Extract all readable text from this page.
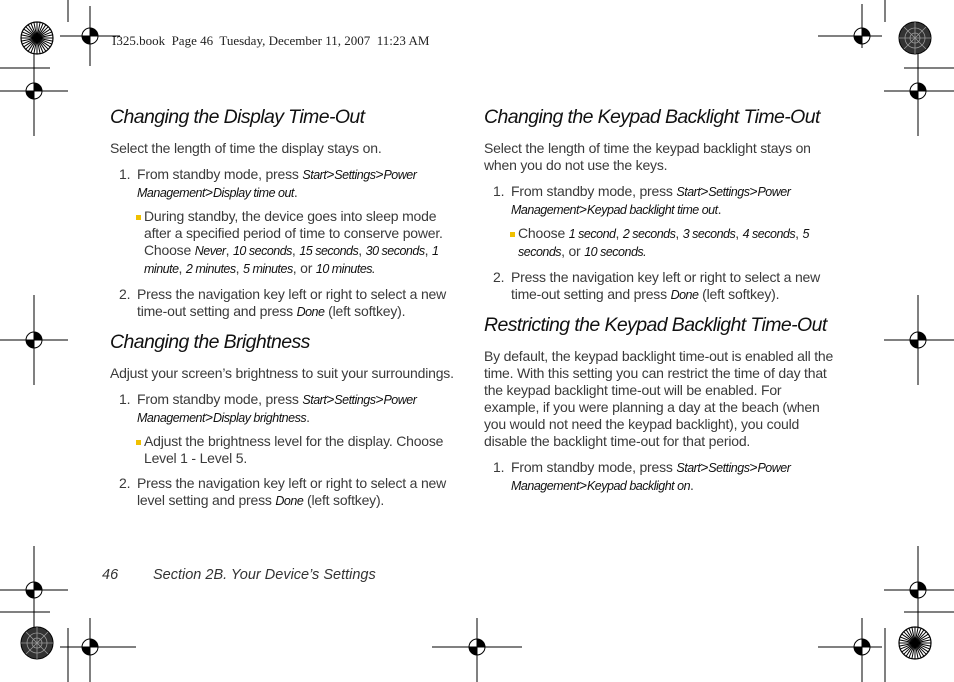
I325.book  Page 46  Tuesday, December 11, 2007  11:23 AM
Changing the Display Time-Out

Select the length of time the display stays on.

1. From standby mode, press Start>Settings>Power Management>Display time out.
During standby, the device goes into sleep mode after a specified period of time to conserve power. Choose Never, 10 seconds, 15 seconds, 30 seconds, 1 minute, 2 minutes, 5 minutes, or 10 minutes.
2. Press the navigation key left or right to select a new time-out setting and press Done (left softkey).
Changing the Brightness

Adjust your screen’s brightness to suit your surroundings.

1. From standby mode, press Start>Settings>Power Management>Display brightness.
Adjust the brightness level for the display. Choose Level 1 - Level 5.
2. Press the navigation key left or right to select a new level setting and press Done (left softkey).
Changing the Keypad Backlight Time-Out

Select the length of time the keypad backlight stays on when you do not use the keys.

1. From standby mode, press Start>Settings>Power Management>Keypad backlight time out.
Choose 1 second, 2 seconds, 3 seconds, 4 seconds, 5 seconds, or 10 seconds.
2. Press the navigation key left or right to select a new time-out setting and press Done (left softkey).
Restricting the Keypad Backlight Time-Out

By default, the keypad backlight time-out is enabled all the time. With this setting you can restrict the time of day that the keypad backlight time-out will be enabled. For example, if you were planning a day at the beach (when you would not need the keypad backlight), you could disable the backlight time-out for that period.

1. From standby mode, press Start>Settings>Power Management>Keypad backlight on.
46 Section 2B. Your Device’s Settings
